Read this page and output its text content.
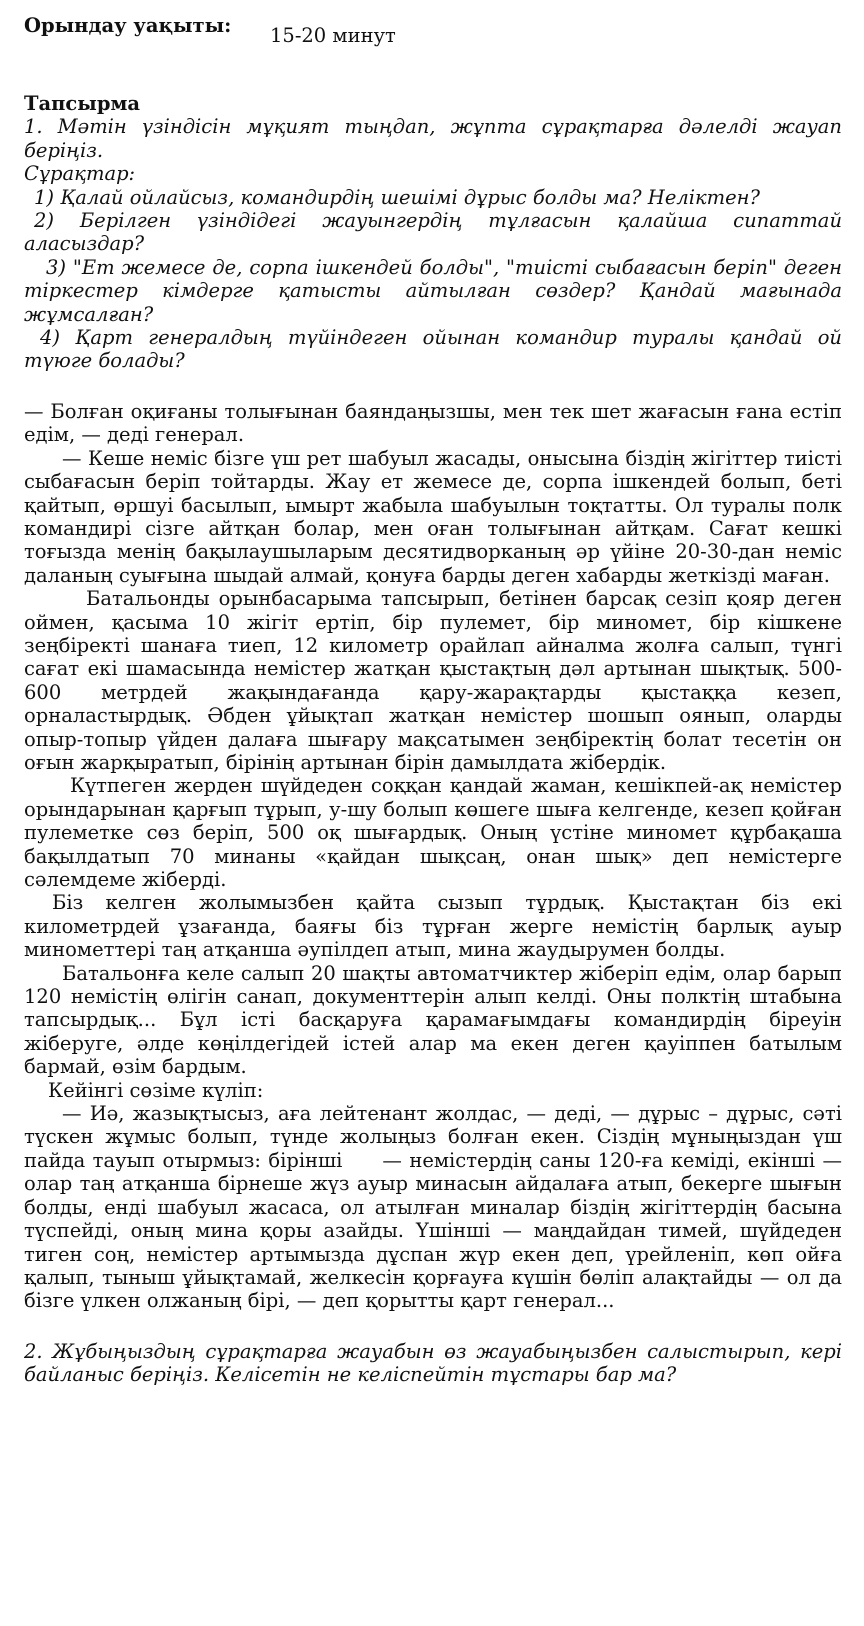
Орындау уақыты: 15-20 минут
Тапсырма
1. Мәтін үзіндісін мұқият тыңдап, жұпта сұрақтарға дәлелді жауап беріңіз.
Сұрақтар:
1) Қалай ойлайсыз, командирдің шешімі дұрыс болды ма? Неліктен?
2) Берілген үзіндідегі жауынгердің тұлғасын қалайша сипаттай аласыздар?
3) "Ет жемесе де, сорпа ішкендей болды", "тиісті сыбағасын беріп" деген тіркестер кімдерге қатысты айтылған сөздер? Қандай мағынада жұмсалған?
4) Қарт генералдың түйіндеген ойынан командир туралы қандай ой түюге болады?

— Болған оқиғаны толығынан баяндаңызшы, мен тек шет жағасын ғана естіп едім, — деді генерал.

— Кеше неміс бізге үш рет шабуыл жасады, онысына біздің жігіттер тиісті сыбағасын беріп тойтарды. Жау ет жемесе де, сорпа ішкендей болып, беті қайтып, өршуі басылып, ымырт жабыла шабуылын тоқтатты. Ол туралы полк командирі сізге айтқан болар, мен оған толығынан айтқам. Сағат кешкі тоғызда менің бақылаушыларым десятидворканың әр үйіне 20-30-дан неміс даланың суығына шыдай алмай, қонуға барды деген хабарды жеткізді маған.

Батальонды орынбасарыма тапсырып, бетінен барсақ сезіп қояр деген оймен, қасыма 10 жігіт ертіп, бір пулемет, бір миномет, бір кішкене зеңбіректі шанаға тиеп, 12 километр орайлап айналма жолға салып, түнгі сағат екі шамасында немістер жатқан қыстақтың дәл артынан шықтық. 500-600 метрдей жақындағанда қару-жарақтарды қыстаққа кезеп, орналастырдық. Әбден ұйықтап жатқан немістер шошып оянып, оларды опыр-топыр үйден далаға шығару мақсатымен зеңбіректің болат тесетін он оғын жарқыратып, бірінің артынан бірін дамылдата жібердік.

Күтпеген жерден шүйдеден соққан қандай жаман, кешікпей-ақ немістер орындарынан қарғып тұрып, у-шу болып көшеге шыға келгенде, кезеп қойған пулеметке сөз беріп, 500 оқ шығардық. Оның үстіне миномет құрбақаша бақылдатып 70 минаны «қайдан шықсаң, онан шық» деп немістерге сәлемдеме жіберді.

Біз келген жолымызбен қайта сызып тұрдық. Қыстақтан біз екі километрдей ұзағанда, баяғы біз тұрған жерге немістің барлық ауыр минометтері таң атқанша әупілдеп атып, мина жаудырумен болды.

Батальонға келе салып 20 шақты автоматчиктер жіберіп едім, олар барып 120 немістің өлігін санап, документтерін алып келді. Оны полктің штабына тапсырдық... Бұл істі басқаруға қарамағымдағы командирдің біреуін жіберуге, әлде көңілдегідей істей алар ма екен деген қауіппен батылым бармай, өзім бардым.

Кейінгі сөзіме күліп:

— Иә, жазықтысыз, аға лейтенант жолдас, — деді, — дұрыс – дұрыс, сәті түскен жұмыс болып, түнде жолыңыз болған екен. Сіздің мұныңыздан үш пайда тауып отырмыз: бірінші — немістердің саны 120-ға кеміді, екінші — олар таң атқанша бірнеше жүз ауыр минасын айдалаға атып, бекерге шығын болды, енді шабуыл жасаса, ол атылған миналар біздің жігіттердің басына түспейді, оның мина қоры азайды. Үшінші — маңдайдан тимей, шүйдеден тиген соң, немістер артымызда дұспан жүр екен деп, үрейленіп, көп ойға қалып, тыныш ұйықтамай, желкесін қорғауға күшін бөліп алақтайды — ол да бізге үлкен олжаның бірі, — деп қорытты қарт генерал...

2. Жұбыңыздың сұрақтарға жауабын өз жауабыңызбен салыстырып, кері байланыс беріңіз. Келісетін не келіспейтін тұстары бар ма?
